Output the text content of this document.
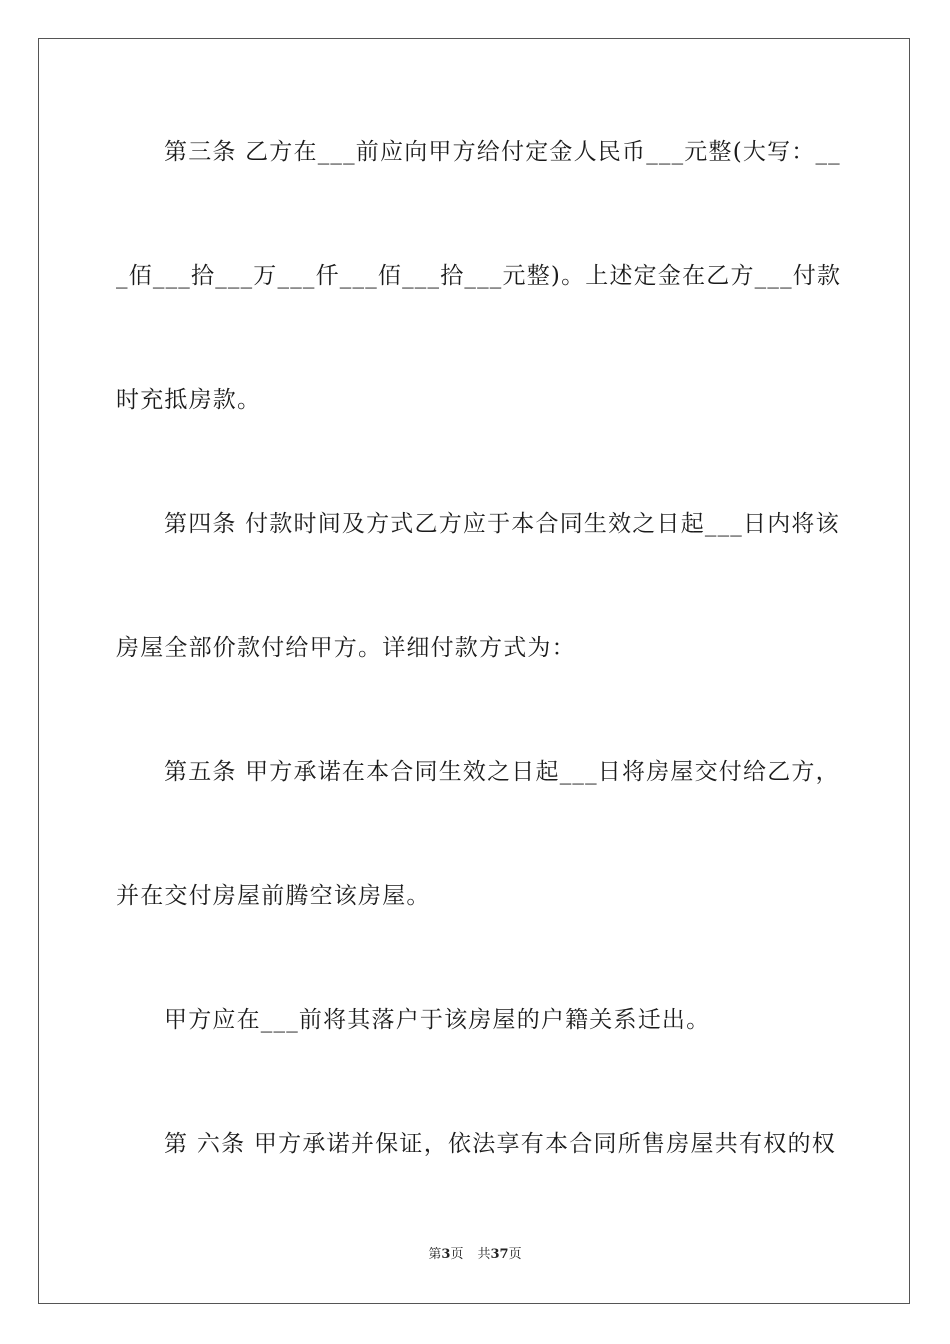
第三条 乙方在___前应向甲方给付定金人民币___元整(大写：__
_佰___拾___万___仟___佰___拾___元整)。上述定金在乙方___付款
时充抵房款。
第四条 付款时间及方式乙方应于本合同生效之日起___日内将该
房屋全部价款付给甲方。详细付款方式为：
第五条 甲方承诺在本合同生效之日起___日将房屋交付给乙方，
并在交付房屋前腾空该房屋。
甲方应在___前将其落户于该房屋的户籍关系迁出。
第 六条 甲方承诺并保证，依法享有本合同所售房屋共有权的权
第3页 共37页
